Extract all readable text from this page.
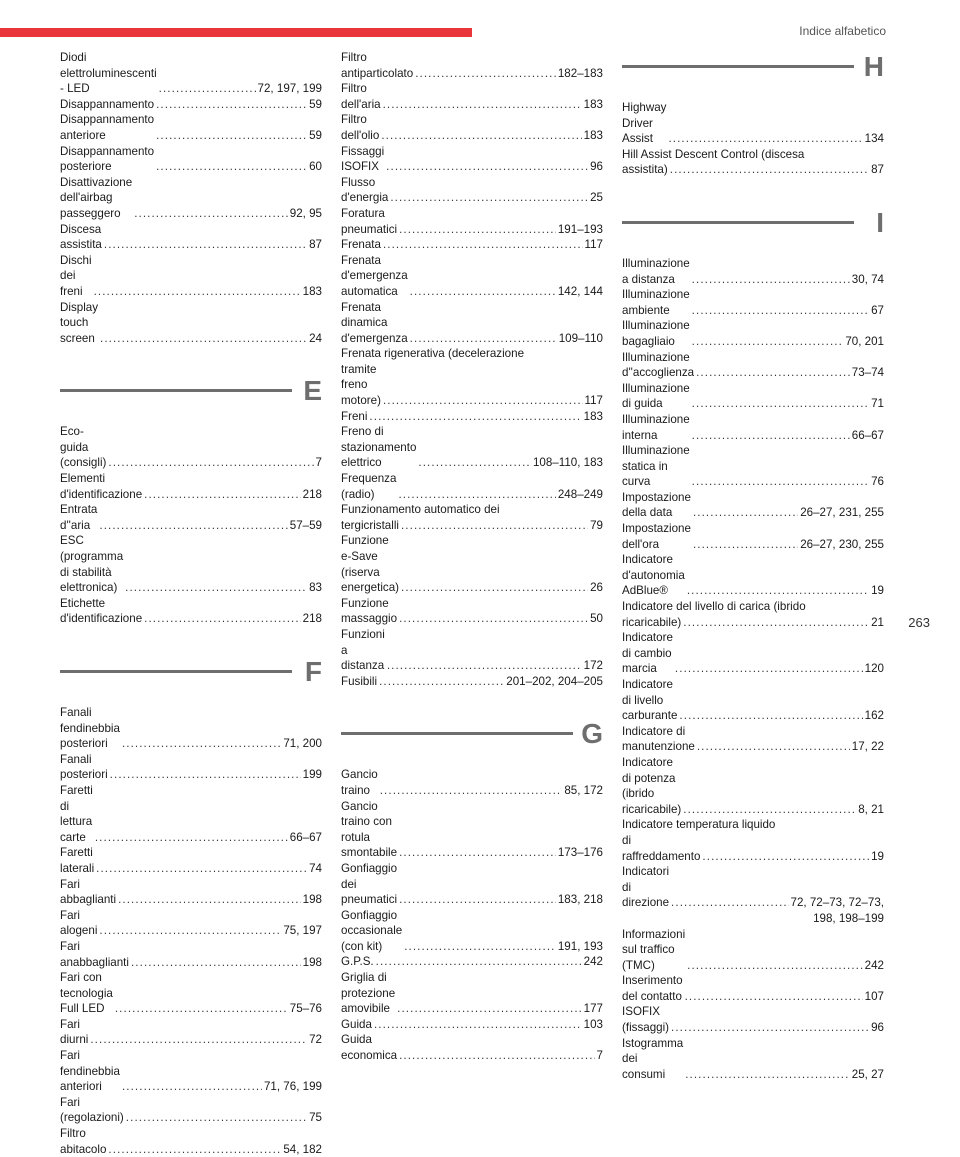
Indice alfabetico
Diodi elettroluminescenti - LED .....	72, 197, 199
Disappannamento .....	59
Disappannamento anteriore .....	59
Disappannamento posteriore .....	60
Disattivazione dell'airbag passeggero .....	92, 95
Discesa assistita .....	87
Dischi dei freni .....	183
Display touch screen .....	24
E
Eco-guida (consigli) .....	7
Elementi d'identificazione .....	218
Entrata d''aria .....	57–59
ESC (programma di stabilità elettronica) .....	83
Etichette d'identificazione .....	218
F
Fanali fendinebbia posteriori .....	71, 200
Fanali posteriori .....	199
Faretti di lettura carte .....	66–67
Faretti laterali .....	74
Fari abbaglianti .....	198
Fari alogeni .....	75, 197
Fari anabbaglianti .....	198
Fari con tecnologia Full LED .....	75–76
Fari diurni .....	72
Fari fendinebbia anteriori .....	71, 76, 199
Fari (regolazioni) .....	75
Filtro abitacolo .....	54, 182
Filtro antiparticolato .....	182–183
Filtro dell'aria .....	183
Filtro dell'olio .....	183
Fissaggi ISOFIX .....	96
Flusso d'energia .....	25
Foratura pneumatici .....	191–193
Frenata .....	117
Frenata d'emergenza automatica .....	142, 144
Frenata dinamica d'emergenza .....	109–110
Frenata rigenerativa (decelerazione
tramite freno motore) .....	117
Freni .....	183
Freno di stazionamento elettrico .....	108–110, 183
Frequenza (radio) .....	248–249
Funzionamento automatico dei
tergicristalli .....	79
Funzione e-Save (riserva energetica) .....	26
Funzione massaggio .....	50
Funzioni a distanza .....	172
Fusibili .....	201–202, 204–205
G
Gancio traino .....	85, 172
Gancio traino con rotula smontabile .....	173–176
Gonfiaggio dei pneumatici .....	183, 218
Gonfiaggio occasionale (con kit) .....	191, 193
G.P.S. .....	242
Griglia di protezione amovibile .....	177
Guida .....	103
Guida economica .....	7
H
Highway Driver Assist .....	134
Hill Assist Descent Control (discesa
assistita) .....	87
I
Illuminazione a distanza .....	30, 74
Illuminazione ambiente .....	67
Illuminazione bagagliaio .....	70, 201
Illuminazione d''accoglienza .....	73–74
Illuminazione di guida .....	71
Illuminazione interna .....	66–67
Illuminazione statica in curva .....	76
Impostazione della data .....	26–27, 231, 255
Impostazione dell'ora .....	26–27, 230, 255
Indicatore d'autonomia AdBlue® .....	19
Indicatore del livello di carica (ibrido
ricaricabile) .....	21
Indicatore di cambio marcia .....	120
Indicatore di livello carburante .....	162
Indicatore di manutenzione .....	17, 22
Indicatore di potenza (ibrido ricaricabile) .....	8, 21
Indicatore temperatura liquido
di raffreddamento .....	19
Indicatori di direzione .....	72, 72–73, 72–73,
198, 198–199
Informazioni sul traffico (TMC) .....	242
Inserimento del contatto .....	107
ISOFIX (fissaggi) .....	96
Istogramma dei consumi .....	25, 27
263
